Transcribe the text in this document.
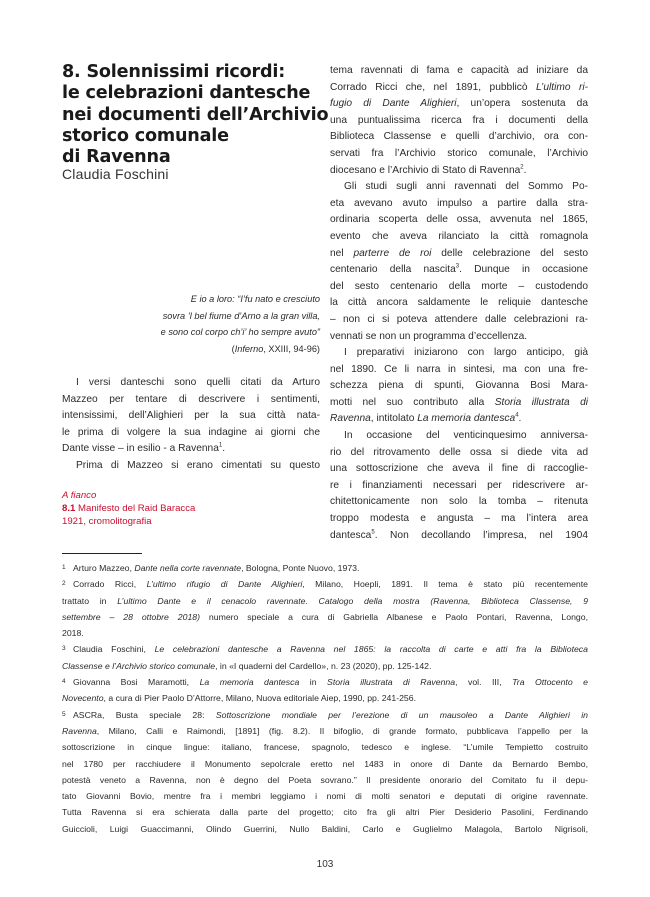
8. Solennissimi ricordi:
le celebrazioni dantesche
nei documenti dell’Archivio
storico comunale
di Ravenna
Claudia Foschini
E io a loro: “I’fu nato e cresciuto
sovra ’l bel fiume d’Arno a la gran villa,
e sono col corpo ch’i’ ho sempre avuto”
(Inferno, XXIII, 94-96)
I versi danteschi sono quelli citati da Arturo
Mazzeo per tentare di descrivere i sentimenti,
intensissimi, dell’Alighieri per la sua città nata-
le prima di volgere la sua indagine ai giorni che
Dante visse – in esilio - a Ravenna$^1$.
Prima di Mazzeo si erano cimentati su questo
A fianco
8.1 Manifesto del Raid Baracca
1921, cromolitografia
tema ravennati di fama e capacità ad iniziare da
Corrado Ricci che, nel 1891, pubblicò L’ultimo ri-
fugio di Dante Alighieri, un’opera sostenuta da
una puntualissima ricerca fra i documenti della
Biblioteca Classense e quelli d’archivio, ora con-
servati fra l’Archivio storico comunale, l’Archivio
diocesano e l’Archivio di Stato di Ravenna$^2$.
Gli studi sugli anni ravennati del Sommo Po-
eta avevano avuto impulso a partire dalla stra-
ordinaria scoperta delle ossa, avvenuta nel 1865,
evento che aveva rilanciato la città romagnola
nel parterre de roi delle celebrazione del sesto
centenario della nascita$^3$. Dunque in occasione
del sesto centenario della morte – custodendo
la città ancora saldamente le reliquie dantesche
– non ci si poteva attendere dalle celebrazioni ra-
vennati se non un programma d’eccellenza.
I preparativi iniziarono con largo anticipo, già
nel 1890. Ce li narra in sintesi, ma con una fre-
schezza piena di spunti, Giovanna Bosi Mara-
motti nel suo contributo alla Storia illustrata di
Ravenna, intitolato La memoria dantesca$^4$.
In occasione del venticinquesimo anniversa-
rio del ritrovamento delle ossa si diede vita ad
una sottoscrizione che aveva il fine di raccoglie-
re i finanziamenti necessari per ridescrivere ar-
chitettonicamente non solo la tomba – ritenuta
troppo modesta e angusta – ma l’intera area
dantesca$^5$. Non decollando l’impresa, nel 1904
1 Arturo Mazzeo, Dante nella corte ravennate, Bologna, Ponte Nuovo, 1973.
2 Corrado Ricci, L’ultimo rifugio di Dante Alighieri, Milano, Hoepli, 1891. Il tema è stato più recentemente
trattato in L’ultimo Dante e il cenacolo ravennate. Catalogo della mostra (Ravenna, Biblioteca Classense, 9
settembre – 28 ottobre 2018) numero speciale a cura di Gabriella Albanese e Paolo Pontari, Ravenna, Longo,
2018.
3 Claudia Foschini, Le celebrazioni dantesche a Ravenna nel 1865: la raccolta di carte e atti fra la Biblioteca
Classense e l’Archivio storico comunale, in «I quaderni del Cardello», n. 23 (2020), pp. 125-142.
4 Giovanna Bosi Maramotti, La memoria dantesca in Storia illustrata di Ravenna, vol. III, Tra Ottocento e
Novecento, a cura di Pier Paolo D’Attorre, Milano, Nuova editoriale Aiep, 1990, pp. 241-256.
5 ASCRa, Busta speciale 28: Sottoscrizione mondiale per l’erezione di un mausoleo a Dante Alighieri in
Ravenna, Milano, Calli e Raimondi, [1891] (fig. 8.2). Il bifoglio, di grande formato, pubblicava l’appello per la
sottoscrizione in cinque lingue: italiano, francese, spagnolo, tedesco e inglese. “L’umile Tempietto costruito
nel 1780 per racchiudere il Monumento sepolcrale eretto nel 1483 in onore di Dante da Bernardo Bembo,
potestà veneto a Ravenna, non è degno del Poeta sovrano.” Il presidente onorario del Comitato fu il depu-
tato Giovanni Bovio, mentre fra i membri leggiamo i nomi di molti senatori e deputati di origine ravennate.
Tutta Ravenna si era schierata dalla parte del progetto; cito fra gli altri Pier Desiderio Pasolini, Ferdinando
Guiccioli, Luigi Guaccimanni, Olindo Guerrini, Nullo Baldini, Carlo e Guglielmo Malagola, Bartolo Nigrisoli,
103
